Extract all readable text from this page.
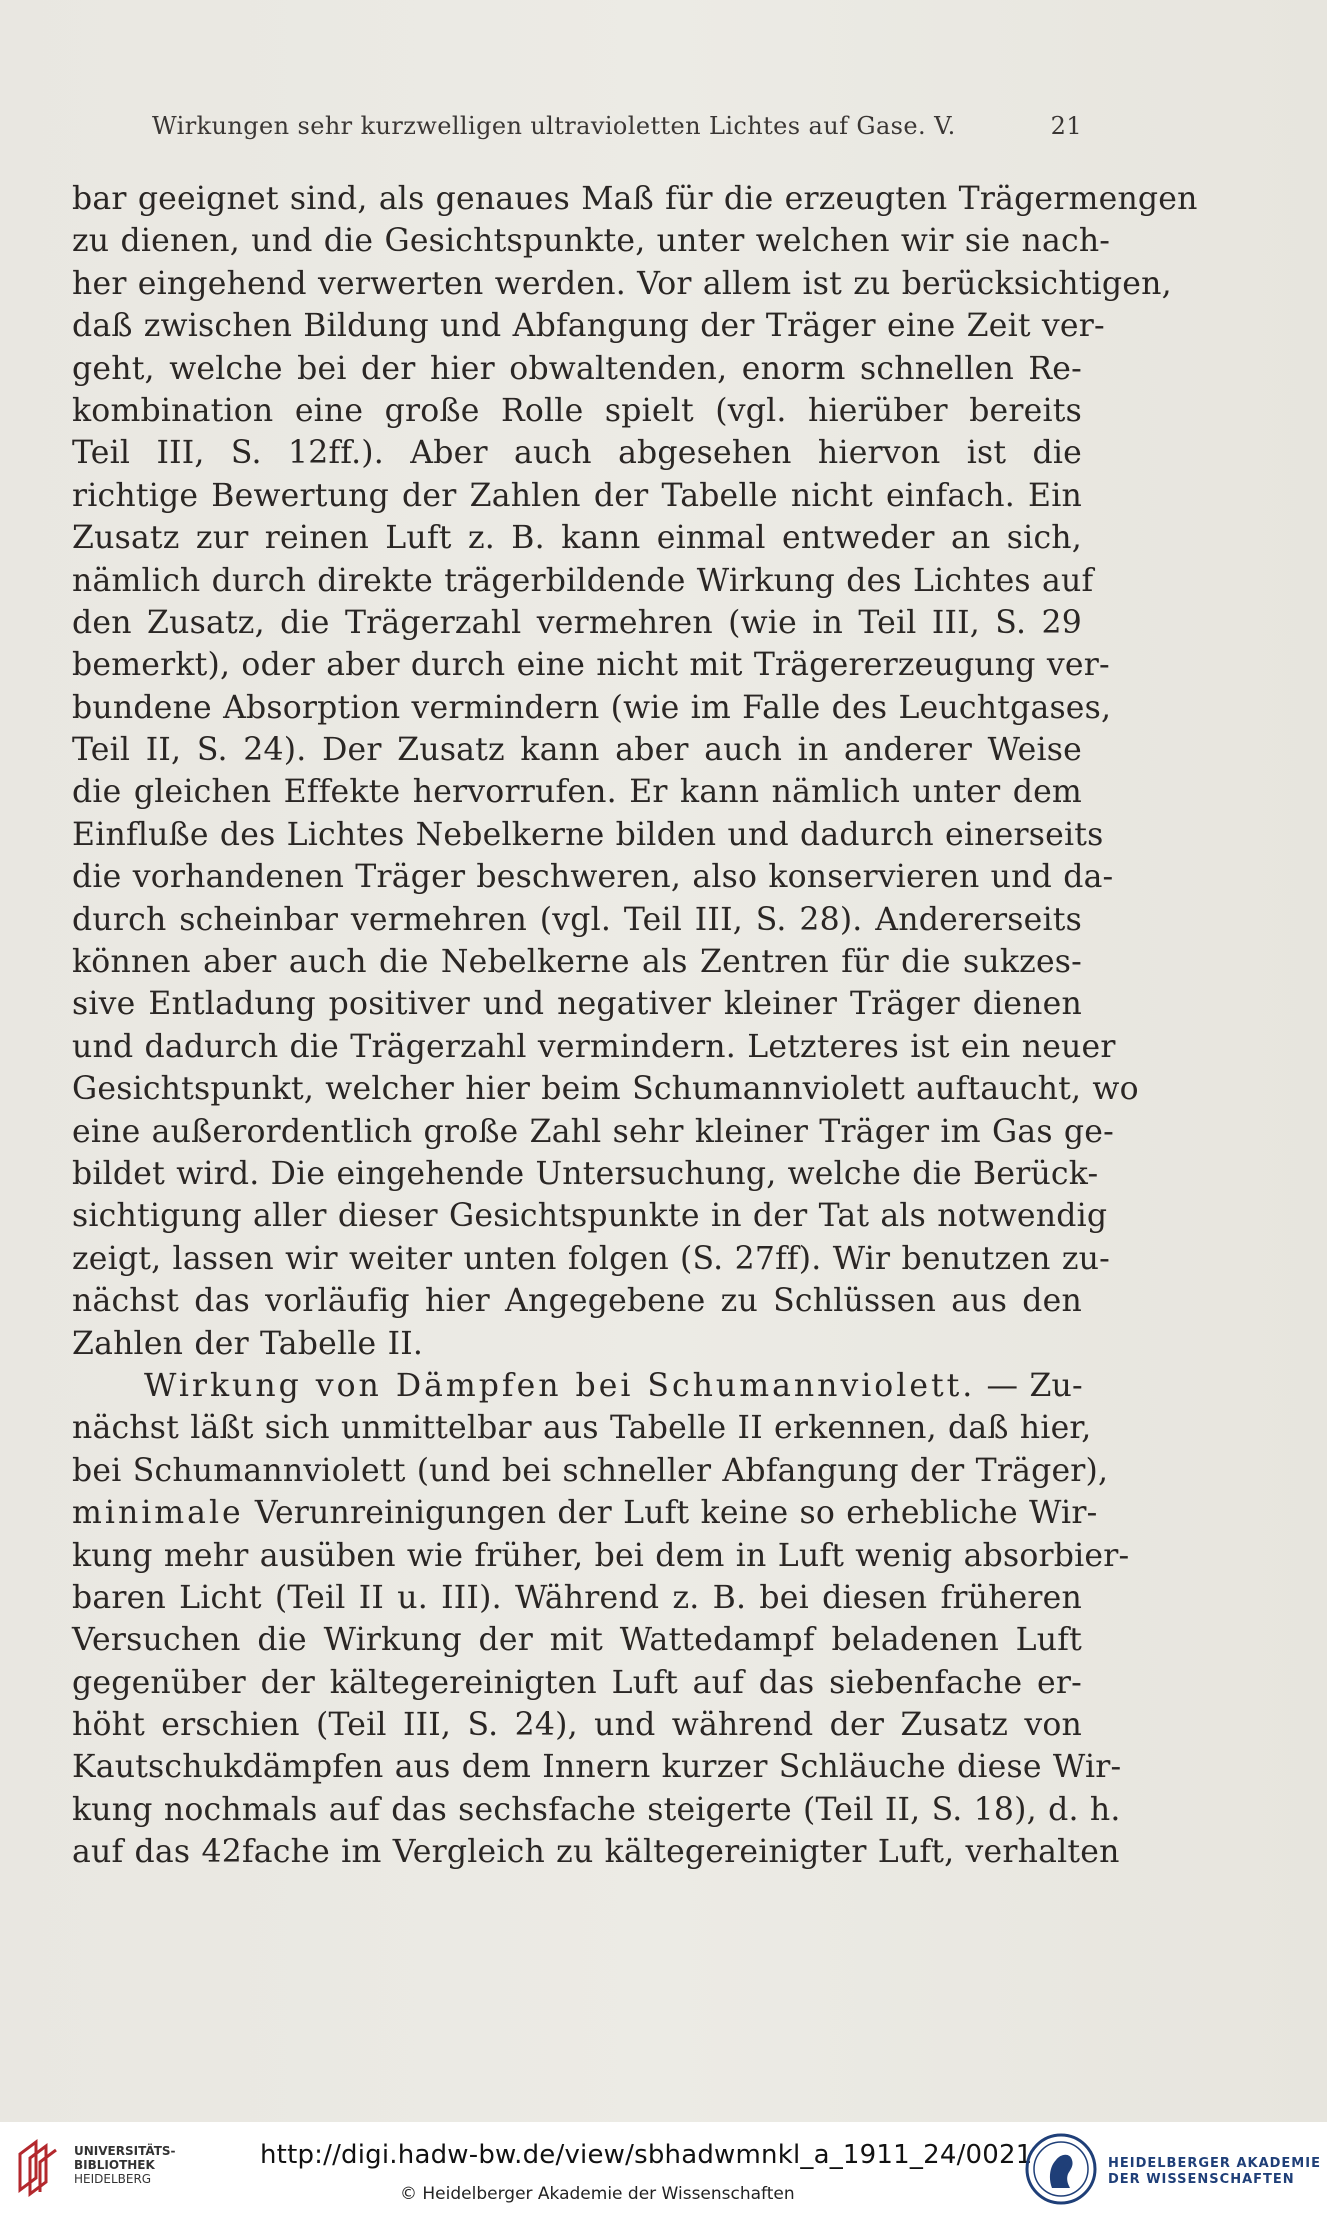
Wirkungen sehr kurzwelligen ultravioletten Lichtes auf Gase. V.	21
bar geeignet sind, als genaues Maß für die erzeugten Trägermengen
zu dienen, und die Gesichtspunkte, unter welchen wir sie nach-
her eingehend verwerten werden. Vor allem ist zu berücksichtigen,
daß zwischen Bildung und Abfangung der Träger eine Zeit ver-
geht, welche bei der hier obwaltenden, enorm schnellen Re-
kombination eine große Rolle spielt (vgl. hierüber bereits
Teil III, S. 12ff.). Aber auch abgesehen hiervon ist die
richtige Bewertung der Zahlen der Tabelle nicht einfach. Ein
Zusatz zur reinen Luft z. B. kann einmal entweder an sich,
nämlich durch direkte trägerbildende Wirkung des Lichtes auf
den Zusatz, die Trägerzahl vermehren (wie in Teil III, S. 29
bemerkt), oder aber durch eine nicht mit Trägererzeugung ver-
bundene Absorption vermindern (wie im Falle des Leuchtgases,
Teil II, S. 24). Der Zusatz kann aber auch in anderer Weise
die gleichen Effekte hervorrufen. Er kann nämlich unter dem
Einfluße des Lichtes Nebelkerne bilden und dadurch einerseits
die vorhandenen Träger beschweren, also konservieren und da-
durch scheinbar vermehren (vgl. Teil III, S. 28). Andererseits
können aber auch die Nebelkerne als Zentren für die sukzes-
sive Entladung positiver und negativer kleiner Träger dienen
und dadurch die Trägerzahl vermindern. Letzteres ist ein neuer
Gesichtspunkt, welcher hier beim Schumannviolett auftaucht, wo
eine außerordentlich große Zahl sehr kleiner Träger im Gas ge-
bildet wird. Die eingehende Untersuchung, welche die Berück-
sichtigung aller dieser Gesichtspunkte in der Tat als notwendig
zeigt, lassen wir weiter unten folgen (S. 27ff). Wir benutzen zu-
nächst das vorläufig hier Angegebene zu Schlüssen aus den
Zahlen der Tabelle II.
Wirkung von Dämpfen bei Schumannviolett. — Zu-
nächst läßt sich unmittelbar aus Tabelle II erkennen, daß hier,
bei Schumannviolett (und bei schneller Abfangung der Träger),
minimale Verunreinigungen der Luft keine so erhebliche Wir-
kung mehr ausüben wie früher, bei dem in Luft wenig absorbier-
baren Licht (Teil II u. III). Während z. B. bei diesen früheren
Versuchen die Wirkung der mit Wattedampf beladenen Luft
gegenüber der kältegereinigten Luft auf das siebenfache er-
höht erschien (Teil III, S. 24), und während der Zusatz von
Kautschukdämpfen aus dem Innern kurzer Schläuche diese Wir-
kung nochmals auf das sechsfache steigerte (Teil II, S. 18), d. h.
auf das 42fache im Vergleich zu kältegereinigter Luft, verhalten
UNIVERSITÄTS-
BIBLIOTHEK
HEIDELBERG
http://digi.hadw-bw.de/view/sbhadwmnkl_a_1911_24/0021
© Heidelberger Akademie der Wissenschaften
HEIDELBERGER AKADEMIE
DER WISSENSCHAFTEN
